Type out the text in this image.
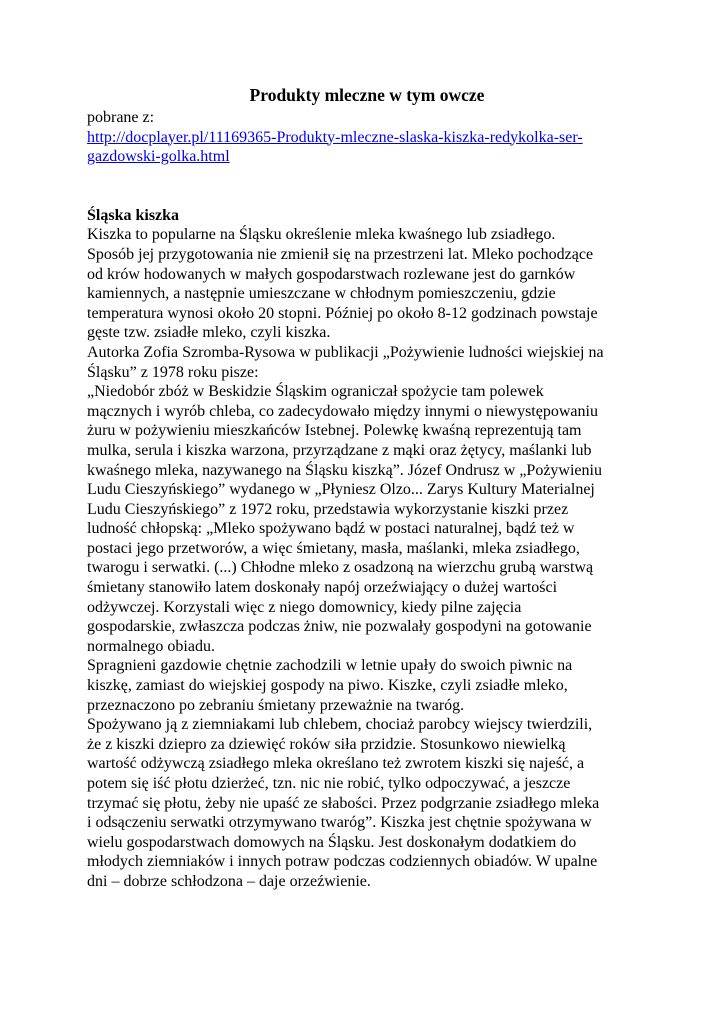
Produkty mleczne w tym owcze
pobrane z:
http://docplayer.pl/11169365-Produkty-mleczne-slaska-kiszka-redykolka-ser-
gazdowski-golka.html
Śląska kiszka
Kiszka to popularne na Śląsku określenie mleka kwaśnego lub zsiadłego.
Sposób jej przygotowania nie zmienił się na przestrzeni lat. Mleko pochodzące
od krów hodowanych w małych gospodarstwach rozlewane jest do garnków
kamiennych, a następnie umieszczane w chłodnym pomieszczeniu, gdzie
temperatura wynosi około 20 stopni. Później po około 8-12 godzinach powstaje
gęste tzw. zsiadłe mleko, czyli kiszka.
Autorka Zofia Szromba-Rysowa w publikacji „Pożywienie ludności wiejskiej na
Śląsku” z 1978 roku pisze:
„Niedobór zbóż w Beskidzie Śląskim ograniczał spożycie tam polewek
mącznych i wyrób chleba, co zadecydowało między innymi o niewystępowaniu
żuru w pożywieniu mieszkańców Istebnej. Polewkę kwaśną reprezentują tam
mulka, serula i kiszka warzona, przyrządzane z mąki oraz żętycy, maślanki lub
kwaśnego mleka, nazywanego na Śląsku kiszką”. Józef Ondrusz w „Pożywieniu
Ludu Cieszyńskiego” wydanego w „Płyniesz Olzo... Zarys Kultury Materialnej
Ludu Cieszyńskiego” z 1972 roku, przedstawia wykorzystanie kiszki przez
ludność chłopską: „Mleko spożywano bądź w postaci naturalnej, bądź też w
postaci jego przetworów, a więc śmietany, masła, maślanki, mleka zsiadłego,
twarogu i serwatki. (...) Chłodne mleko z osadzoną na wierzchu grubą warstwą
śmietany stanowiło latem doskonały napój orzeźwiający o dużej wartości
odżywczej. Korzystali więc z niego domownicy, kiedy pilne zajęcia
gospodarskie, zwłaszcza podczas żniw, nie pozwalały gospodyni na gotowanie
normalnego obiadu.
Spragnieni gazdowie chętnie zachodzili w letnie upały do swoich piwnic na
kiszkę, zamiast do wiejskiej gospody na piwo. Kiszke, czyli zsiadłe mleko,
przeznaczono po zebraniu śmietany przeważnie na twaróg.
Spożywano ją z ziemniakami lub chlebem, chociaż parobcy wiejscy twierdzili,
że z kiszki dziepro za dziewięć roków siła przidzie. Stosunkowo niewielką
wartość odżywczą zsiadłego mleka określano też zwrotem kiszki się najeść, a
potem się iść płotu dzierżeć, tzn. nic nie robić, tylko odpoczywać, a jeszcze
trzymać się płotu, żeby nie upaść ze słabości. Przez podgrzanie zsiadłego mleka
i odsączeniu serwatki otrzymywano twaróg”. Kiszka jest chętnie spożywana w
wielu gospodarstwach domowych na Śląsku. Jest doskonałym dodatkiem do
młodych ziemniaków i innych potraw podczas codziennych obiadów. W upalne
dni – dobrze schłodzona – daje orzeźwienie.
